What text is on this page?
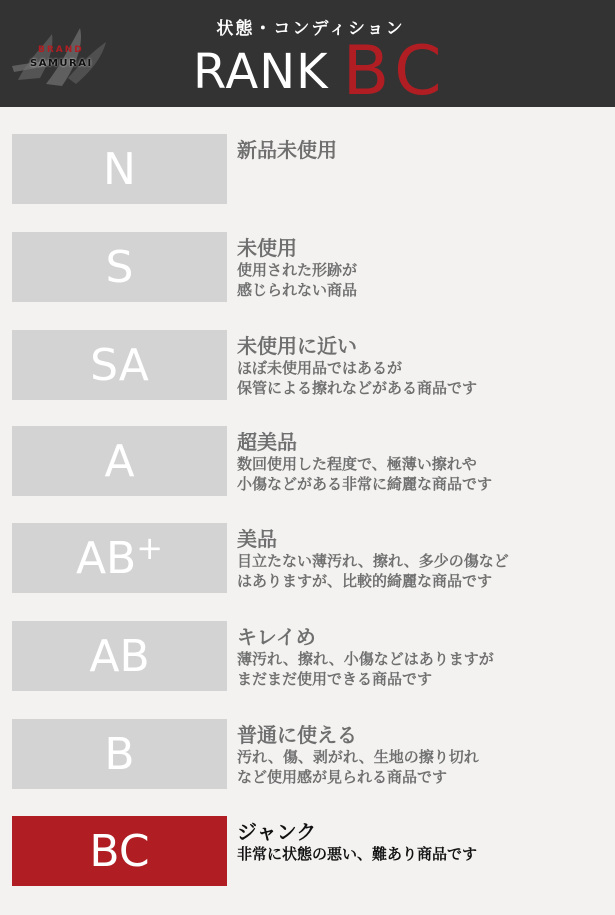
BRAND
SAMURAI
状態・コンディション
RANK BC
N	新品未使用
S	未使用
使用された形跡が
感じられない商品
SA	未使用に近い
ほぼ未使用品ではあるが
保管による擦れなどがある商品です
A	超美品
数回使用した程度で、極薄い擦れや
小傷などがある非常に綺麗な商品です
AB+	美品
目立たない薄汚れ、擦れ、多少の傷など
はありますが、比較的綺麗な商品です
AB	キレイめ
薄汚れ、擦れ、小傷などはありますが
まだまだ使用できる商品です
B	普通に使える
汚れ、傷、剥がれ、生地の擦り切れ
など使用感が見られる商品です
BC	ジャンク
非常に状態の悪い、難あり商品です
